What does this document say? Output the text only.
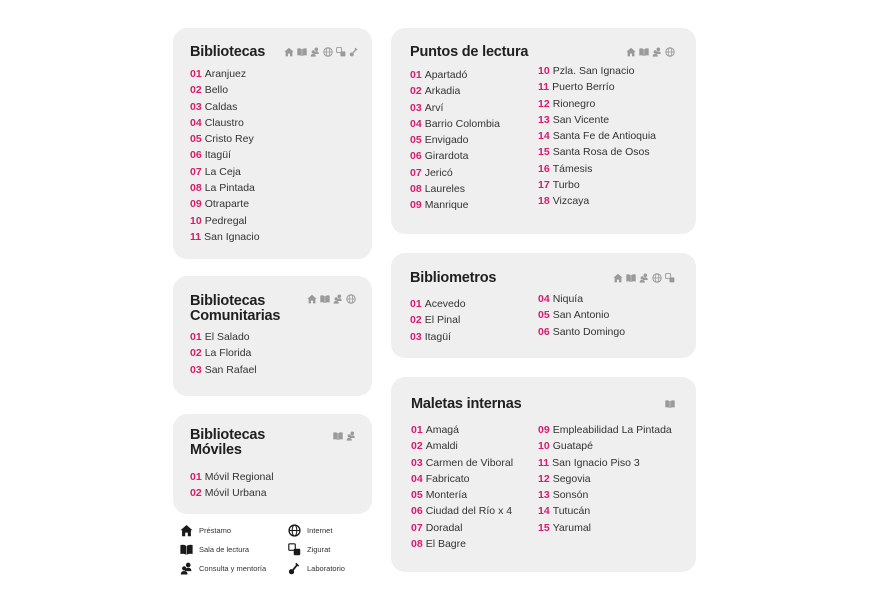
Bibliotecas
01 Aranjuez
02 Bello
03 Caldas
04 Claustro
05 Cristo Rey
06 Itagüí
07 La Ceja
08 La Pintada
09 Otraparte
10 Pedregal
11 San Ignacio
Bibliotecas
Comunitarias
01 El Salado
02 La Florida
03 San Rafael
Bibliotecas
Móviles
01 Móvil Regional
02 Móvil Urbana
Préstamo	Internet
Sala de lectura	Zigurat
Consulta y mentoría	Laboratorio
Puntos de lectura
01 Apartadó
02 Arkadia
03 Arví
04 Barrio Colombia
05 Envigado
06 Girardota
07 Jericó
08 Laureles
09 Manrique
10 Pzla. San Ignacio
11 Puerto Berrío
12 Rionegro
13 San Vicente
14 Santa Fe de Antioquia
15 Santa Rosa de Osos
16 Támesis
17 Turbo
18 Vizcaya
Bibliometros
01 Acevedo
02 El Pinal
03 Itagüí
04 Niquía
05 San Antonio
06 Santo Domingo
Maletas internas
01 Amagá
02 Amaldi
03 Carmen de Viboral
04 Fabricato
05 Montería
06 Ciudad del Río x 4
07 Doradal
08 El Bagre
09 Empleabilidad La Pintada
10 Guatapé
11 San Ignacio Piso 3
12 Segovia
13 Sonsón
14 Tutucán
15 Yarumal
